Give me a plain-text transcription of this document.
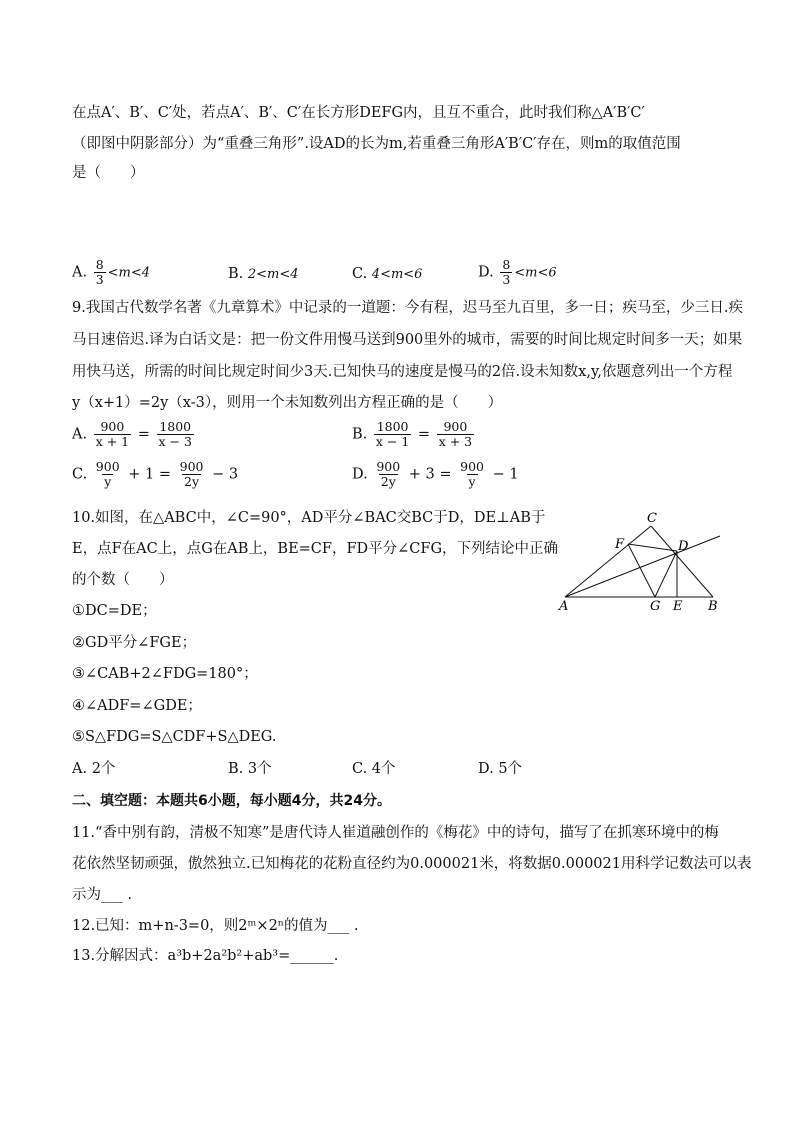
在点A′、B′、C′处，若点A′、B′、C′在长方形DEFG内，且互不重合，此时我们称△A′B′C′
（即图中阴影部分）为“重叠三角形”.设AD的长为m,若重叠三角形A′B′C′存在，则m的取值范围
是（　　）
A. $\frac{8}{3} <m<4$	B. 2<m<4	C. 4<m<6	D. $\frac{8}{3} <m<6$
9.我国古代数学名著《九章算术》中记录的一道题：今有程，迟马至九百里，多一日；疾马至，少三日.疾
马日速倍迟.译为白话文是：把一份文件用慢马送到900里外的城市，需要的时间比规定时间多一天；如果
用快马送，所需的时间比规定时间少3天.已知快马的速度是慢马的2倍.设未知数x,y,依题意列出一个方程
y（x+1）=2y（x-3），则用一个未知数列出方程正确的是（　　）
A. $\frac{900}{x + 1} = \frac{1800}{x - 3}$	B. $\frac{1800}{x - 1} = \frac{900}{x + 3}$
C. $\frac{900}{y} + 1 = \frac{900}{2y} - 3$	D. $\frac{900}{2y} + 3 = \frac{900}{y} - 1$
10.如图，在△ABC中，∠C=90°，AD平分∠BAC交BC于D，DE⊥AB于
E，点F在AC上，点G在AB上，BE=CF，FD平分∠CFG，下列结论中正确
的个数（　　）
①DC=DE；
②GD平分∠FGE；
③∠CAB+2∠FDG=180°；
④∠ADF=∠GDE；
⑤S△FDG=S△CDF+S△DEG.
A. 2个	B. 3个	C. 4个	D. 5个
C
F	D
A	G E B
二、填空题：本题共6小题，每小题4分，共24分。
11.“香中别有韵，清极不知寒”是唐代诗人崔道融创作的《梅花》中的诗句，描写了在抓寒环境中的梅
花依然坚韧顽强，傲然独立.已知梅花的花粉直径约为0.000021米，将数据0.000021用科学记数法可以表
示为___ .
12.已知：m+n-3=0，则2ᵐ×2ⁿ的值为___ .
13.分解因式：a³b+2a²b²+ab³=______.
